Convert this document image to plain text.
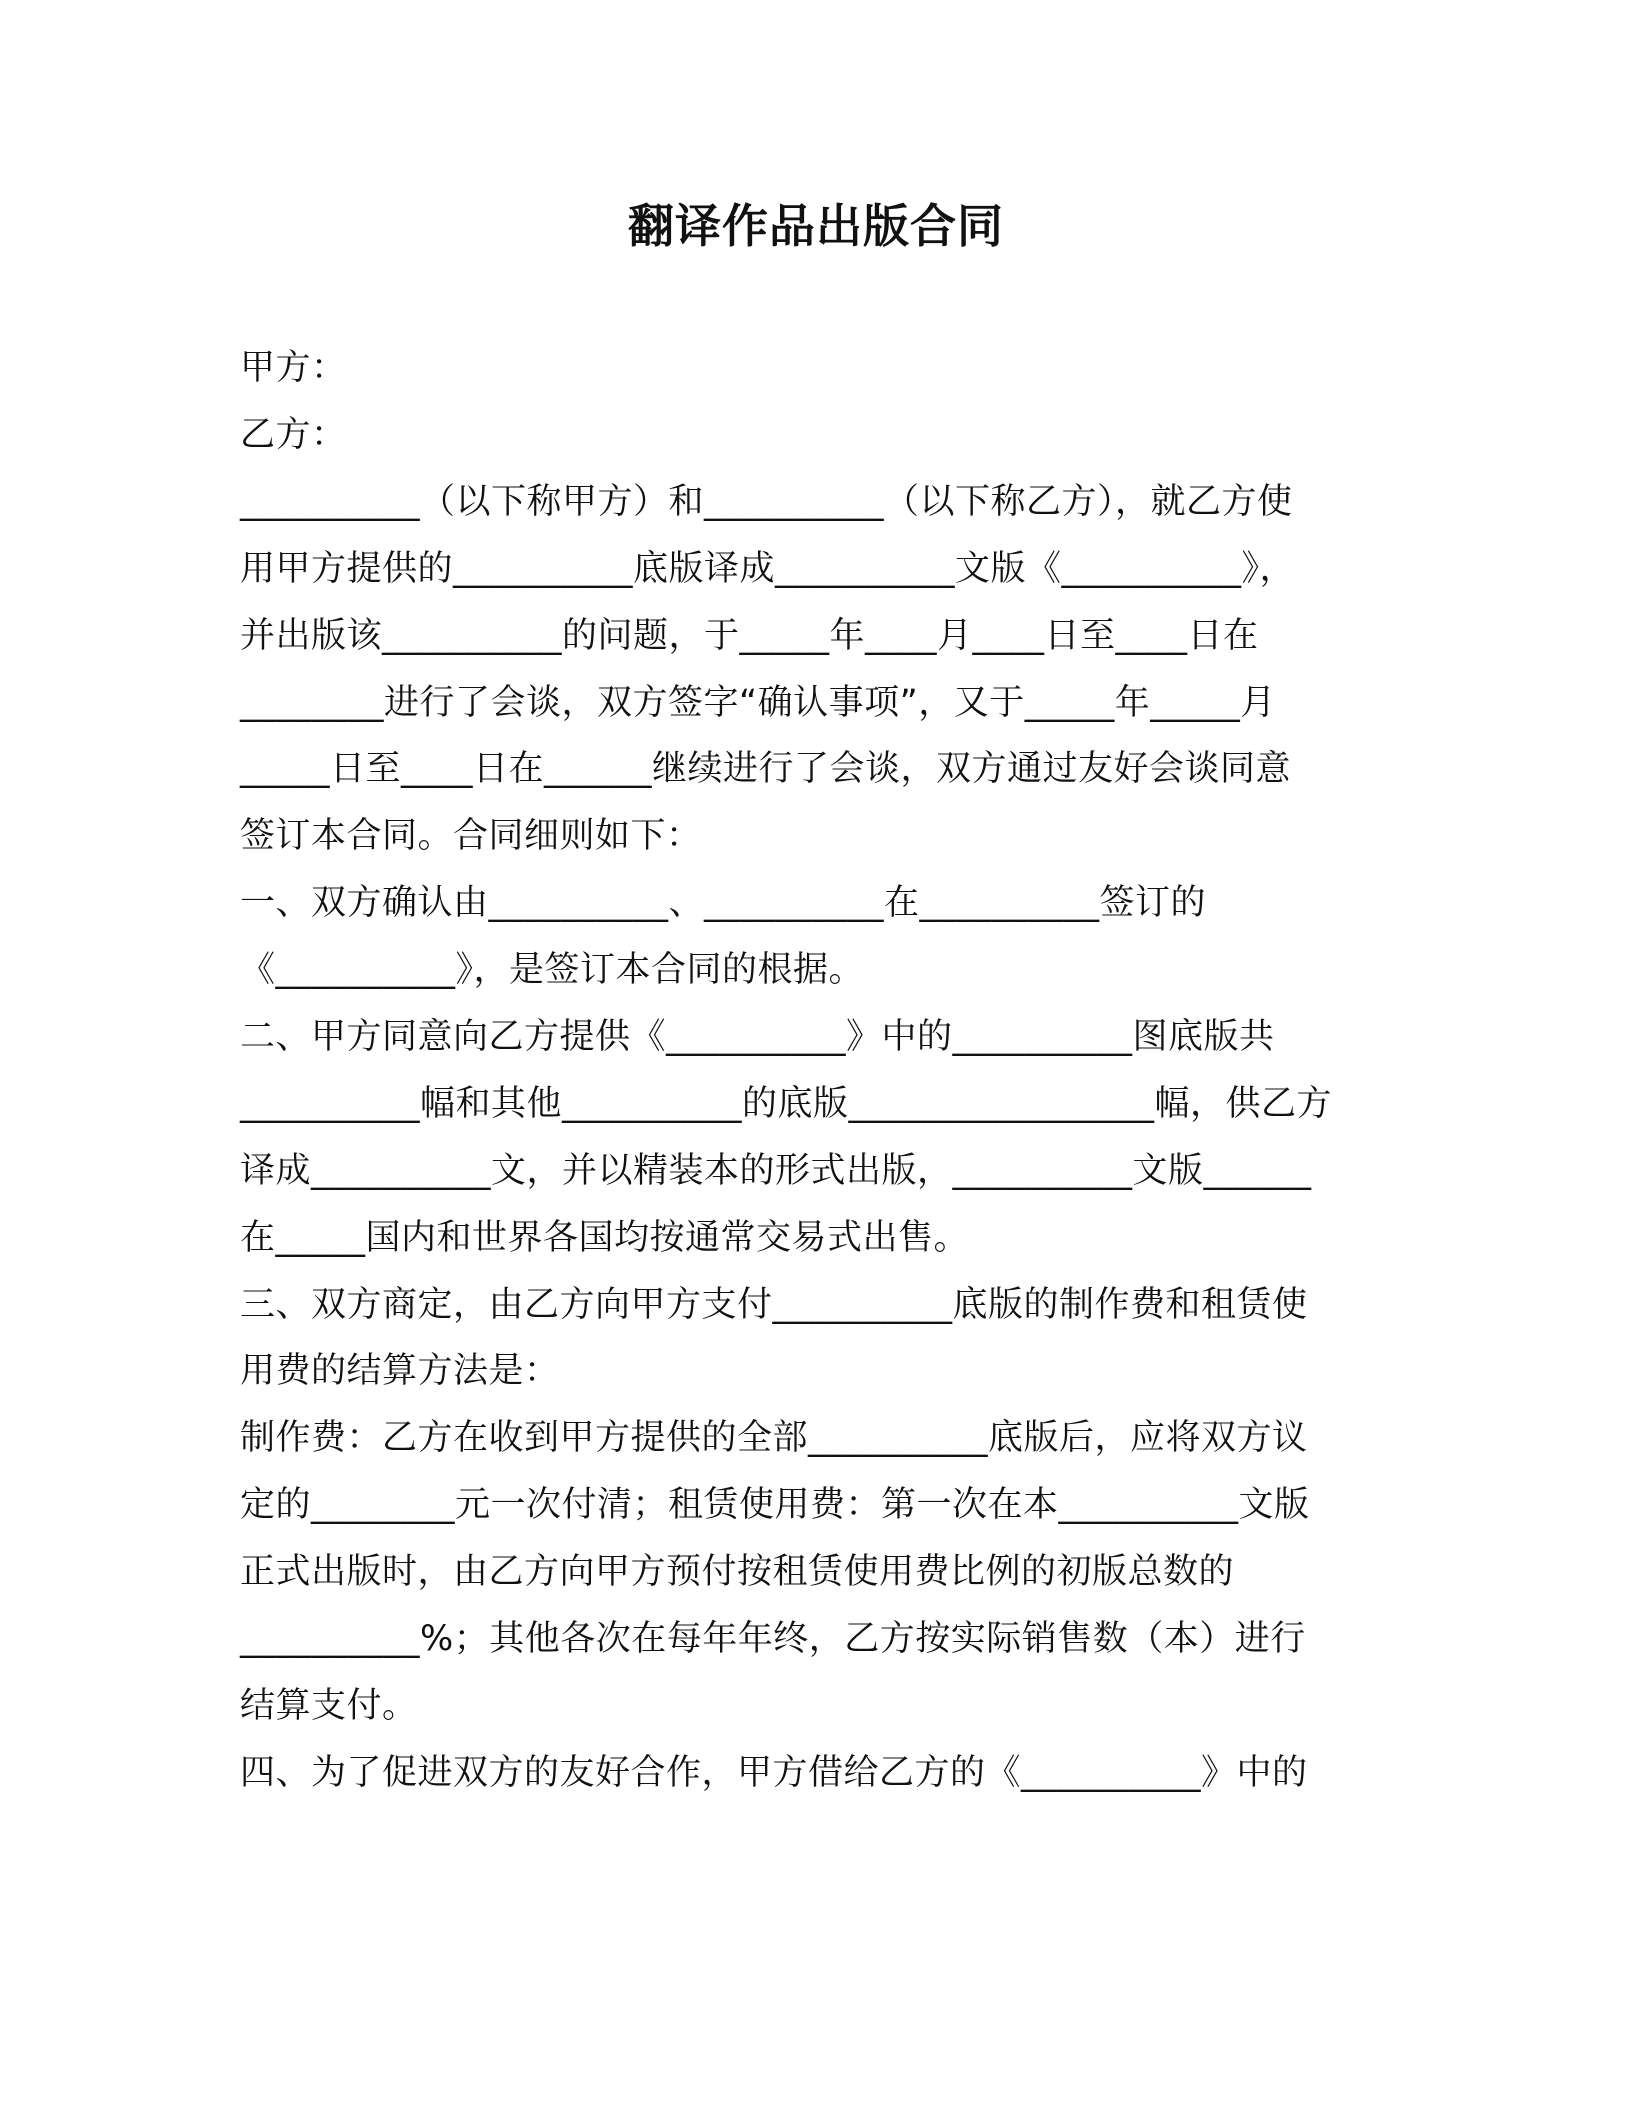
翻译作品出版合同
甲方：
乙方：
__________（以下称甲方）和__________（以下称乙方），就乙方使
用甲方提供的__________底版译成__________文版《__________》，
并出版该__________的问题，于_____年____月____日至____日在
________进行了会谈，双方签字“确认事项”，又于_____年_____月
_____日至____日在______继续进行了会谈，双方通过友好会谈同意
签订本合同。合同细则如下：
一、双方确认由__________、__________在__________签订的
《__________》，是签订本合同的根据。
二、甲方同意向乙方提供《__________》中的__________图底版共
__________幅和其他__________的底版_________________幅，供乙方
译成__________文，并以精装本的形式出版，__________文版______
在_____国内和世界各国均按通常交易式出售。
三、双方商定，由乙方向甲方支付__________底版的制作费和租赁使
用费的结算方法是：
制作费：乙方在收到甲方提供的全部__________底版后，应将双方议
定的________元一次付清；租赁使用费：第一次在本__________文版
正式出版时，由乙方向甲方预付按租赁使用费比例的初版总数的
__________%；其他各次在每年年终，乙方按实际销售数（本）进行
结算支付。
四、为了促进双方的友好合作，甲方借给乙方的《__________》中的
